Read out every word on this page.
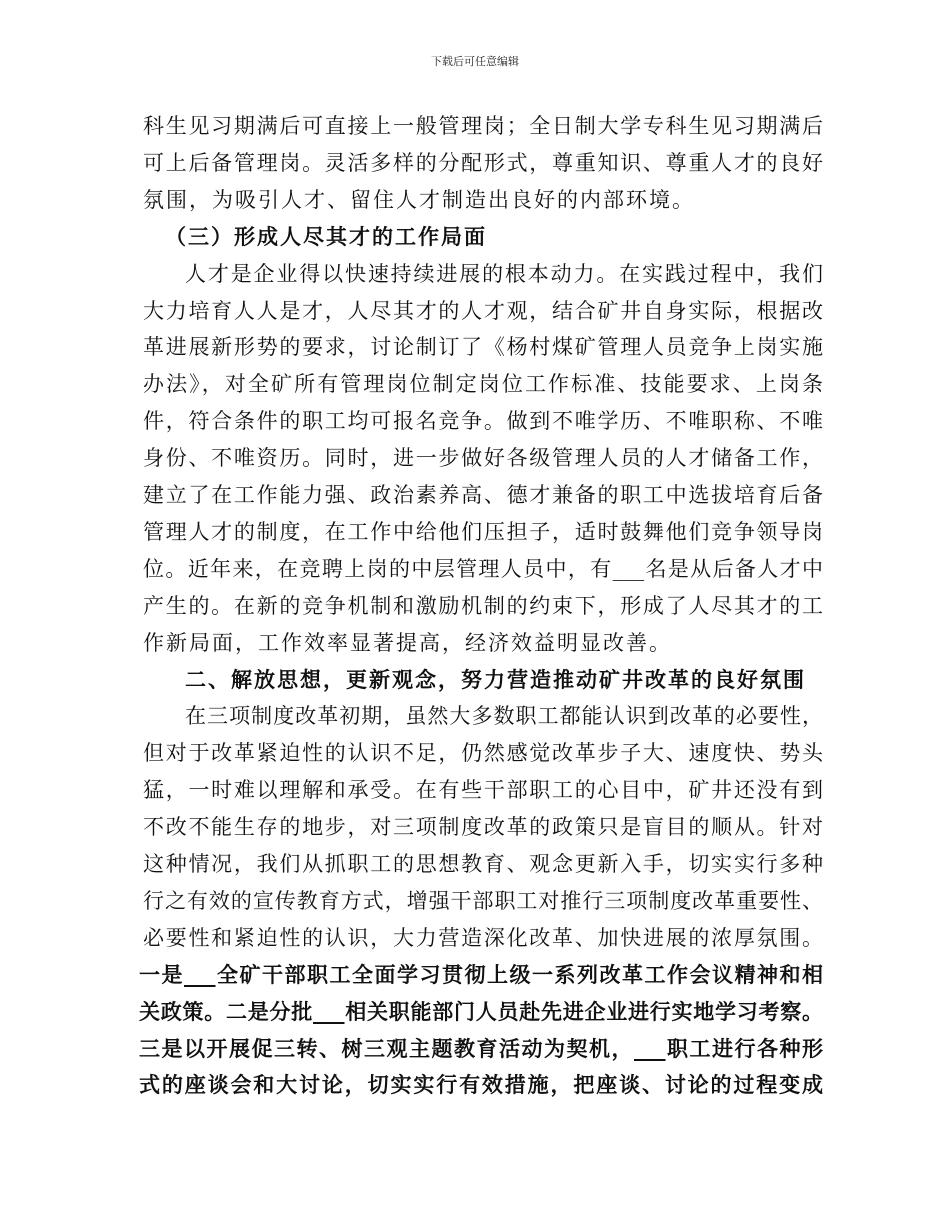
下载后可任意编辑
科生见习期满后可直接上一般管理岗；全日制大学专科生见习期满后
可上后备管理岗。灵活多样的分配形式，尊重知识、尊重人才的良好
氛围，为吸引人才、留住人才制造出良好的内部环境。
（三）形成人尽其才的工作局面
人才是企业得以快速持续进展的根本动力。在实践过程中，我们
大力培育人人是才，人尽其才的人才观，结合矿井自身实际，根据改
革进展新形势的要求，讨论制订了《杨村煤矿管理人员竞争上岗实施
办法》，对全矿所有管理岗位制定岗位工作标准、技能要求、上岗条
件，符合条件的职工均可报名竞争。做到不唯学历、不唯职称、不唯
身份、不唯资历。同时，进一步做好各级管理人员的人才储备工作，
建立了在工作能力强、政治素养高、德才兼备的职工中选拔培育后备
管理人才的制度，在工作中给他们压担子，适时鼓舞他们竞争领导岗
位。近年来，在竞聘上岗的中层管理人员中，有___名是从后备人才中
产生的。在新的竞争机制和激励机制的约束下，形成了人尽其才的工
作新局面，工作效率显著提高，经济效益明显改善。
二、解放思想，更新观念，努力营造推动矿井改革的良好氛围
在三项制度改革初期，虽然大多数职工都能认识到改革的必要性，
但对于改革紧迫性的认识不足，仍然感觉改革步子大、速度快、势头
猛，一时难以理解和承受。在有些干部职工的心目中，矿井还没有到
不改不能生存的地步，对三项制度改革的政策只是盲目的顺从。针对
这种情况，我们从抓职工的思想教育、观念更新入手，切实实行多种
行之有效的宣传教育方式，增强干部职工对推行三项制度改革重要性、
必要性和紧迫性的认识，大力营造深化改革、加快进展的浓厚氛围。
一是___全矿干部职工全面学习贯彻上级一系列改革工作会议精神和相
关政策。二是分批___相关职能部门人员赴先进企业进行实地学习考察。
三是以开展促三转、树三观主题教育活动为契机，___职工进行各种形
式的座谈会和大讨论，切实实行有效措施，把座谈、讨论的过程变成
